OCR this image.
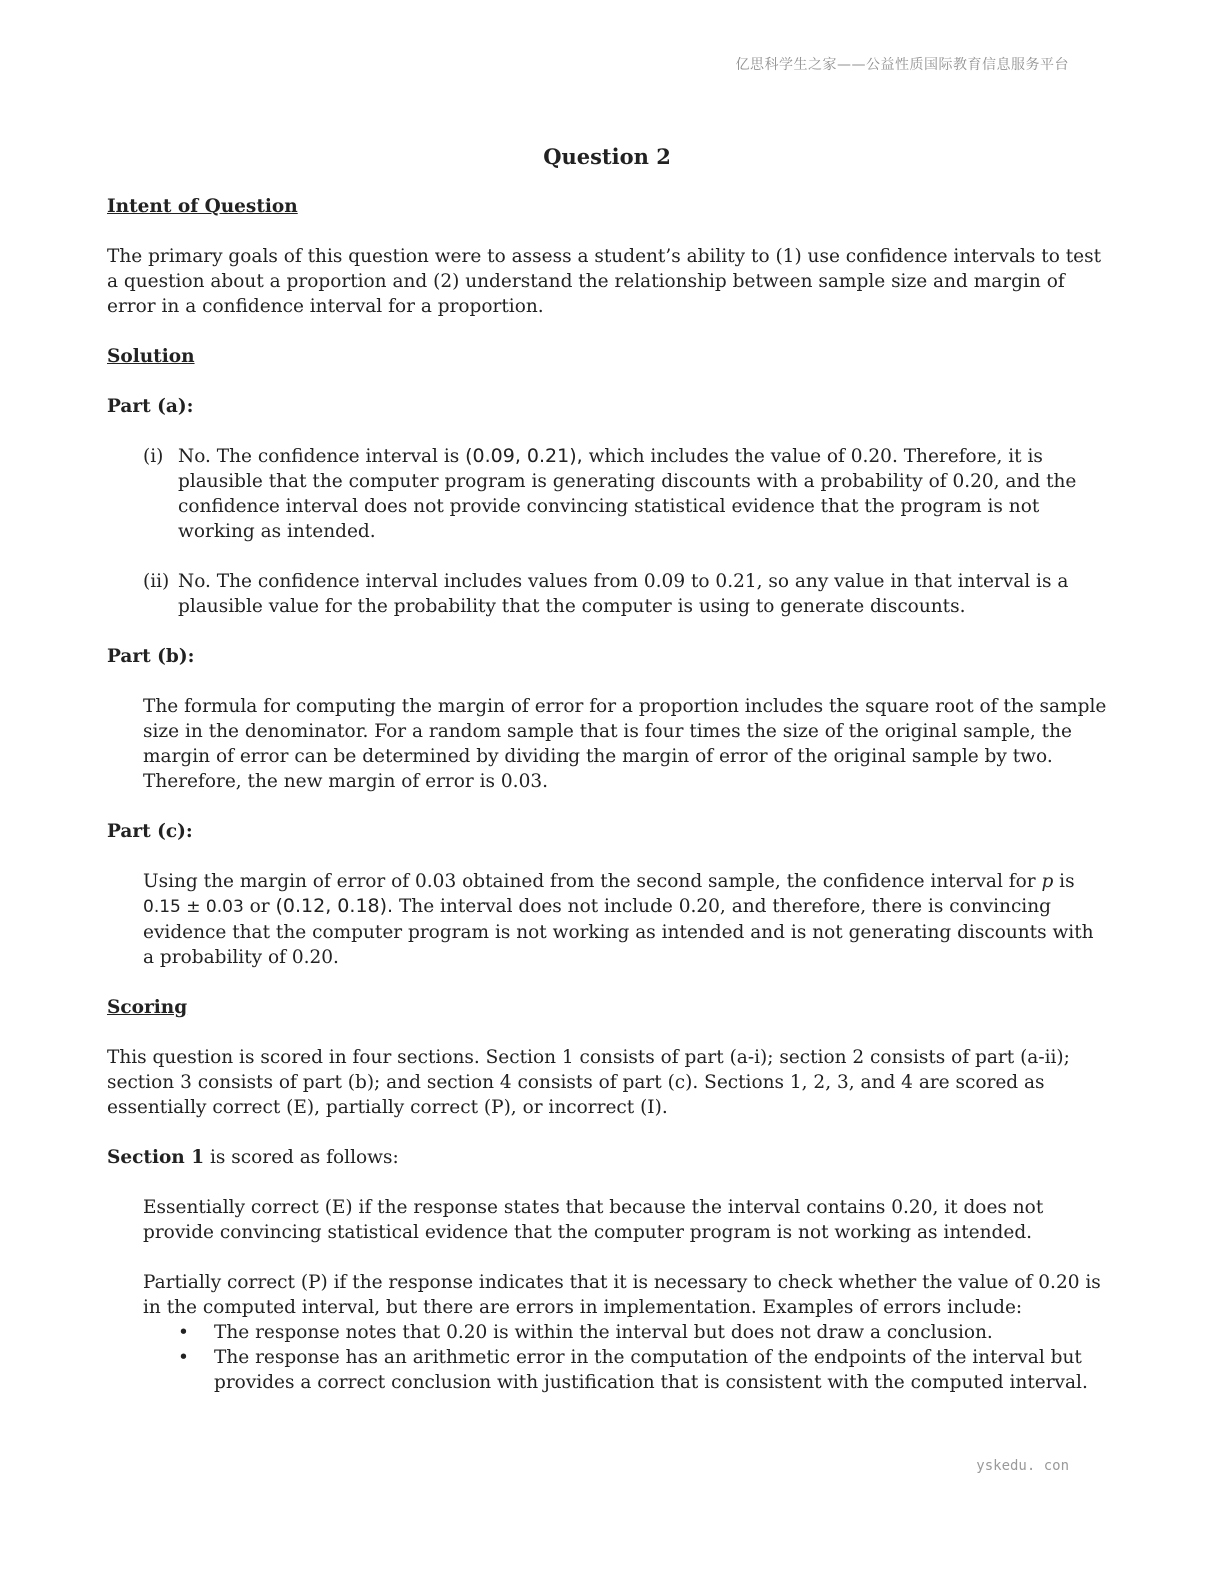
亿思科学生之家——公益性质国际教育信息服务平台
Question 2
Intent of Question

The primary goals of this question were to assess a student’s ability to (1) use confidence intervals to test a question about a proportion and (2) understand the relationship between sample size and margin of error in a confidence interval for a proportion.

Solution
Part (a):
(i) No. The confidence interval is (0.09, 0.21), which includes the value of 0.20. Therefore, it is plausible that the computer program is generating discounts with a probability of 0.20, and the confidence interval does not provide convincing statistical evidence that the program is not working as intended.
(ii) No. The confidence interval includes values from 0.09 to 0.21, so any value in that interval is a plausible value for the probability that the computer is using to generate discounts.
Part (b):

The formula for computing the margin of error for a proportion includes the square root of the sample size in the denominator. For a random sample that is four times the size of the original sample, the margin of error can be determined by dividing the margin of error of the original sample by two. Therefore, the new margin of error is 0.03.

Part (c):

Using the margin of error of 0.03 obtained from the second sample, the confidence interval for p is 0.15 ± 0.03 or (0.12, 0.18). The interval does not include 0.20, and therefore, there is convincing evidence that the computer program is not working as intended and is not generating discounts with a probability of 0.20.

Scoring

This question is scored in four sections. Section 1 consists of part (a-i); section 2 consists of part (a-ii); section 3 consists of part (b); and section 4 consists of part (c). Sections 1, 2, 3, and 4 are scored as essentially correct (E), partially correct (P), or incorrect (I).

Section 1 is scored as follows:

Essentially correct (E) if the response states that because the interval contains 0.20, it does not provide convincing statistical evidence that the computer program is not working as intended.

Partially correct (P) if the response indicates that it is necessary to check whether the value of 0.20 is in the computed interval, but there are errors in implementation. Examples of errors include:

•	The response notes that 0.20 is within the interval but does not draw a conclusion.
•	The response has an arithmetic error in the computation of the endpoints of the interval but provides a correct conclusion with justification that is consistent with the computed interval.
yskedu. con
